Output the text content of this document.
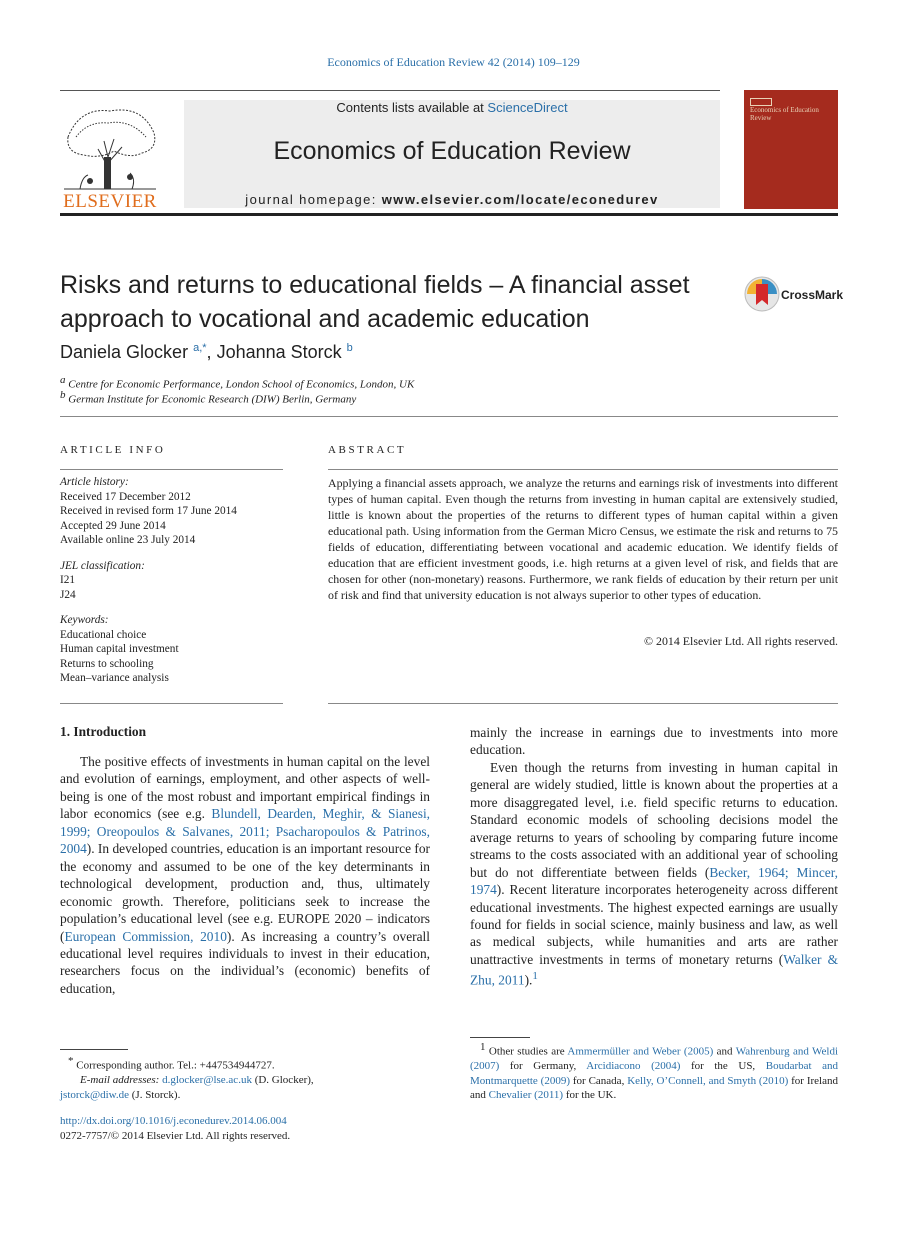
Economics of Education Review 42 (2014) 109–129
ELSEVIER
Contents lists available at ScienceDirect
Economics of Education Review
journal homepage: www.elsevier.com/locate/econedurev
Economics of Education Review
Risks and returns to educational fields – A financial asset approach to vocational and academic education
CrossMark
Daniela Glocker $^{a,*}$, Johanna Storck $^b$
$^a$ Centre for Economic Performance, London School of Economics, London, UK
$^b$ German Institute for Economic Research (DIW) Berlin, Germany
ARTICLE INFO	ABSTRACT
Article history:
Received 17 December 2012
Received in revised form 17 June 2014
Accepted 29 June 2014
Available online 23 July 2014
JEL classification:
I21
J24
Keywords:
Educational choice
Human capital investment
Returns to schooling
Mean–variance analysis
Applying a financial assets approach, we analyze the returns and earnings risk of investments into different types of human capital. Even though the returns from investing in human capital are extensively studied, little is known about the properties of the returns to different types of human capital within a given educational path. Using information from the German Micro Census, we estimate the risk and returns to 75 fields of education, differentiating between vocational and academic education. We identify fields of education that are efficient investment goods, i.e. high returns at a given level of risk, and fields that are chosen for other (non-monetary) reasons. Furthermore, we rank fields of education by their return per unit of risk and find that university education is not always superior to other types of education.
© 2014 Elsevier Ltd. All rights reserved.
1. Introduction

The positive effects of investments in human capital on the level and evolution of earnings, employment, and other aspects of well-being is one of the most robust and important empirical findings in labor economics (see e.g. Blundell, Dearden, Meghir, & Sianesi, 1999; Oreopoulos & Salvanes, 2011; Psacharopoulos & Patrinos, 2004). In developed countries, education is an important resource for the economy and assumed to be one of the key determinants in technological development, production and, thus, ultimately economic growth. Therefore, politicians seek to increase the population’s educational level (see e.g. EUROPE 2020 – indicators (European Commission, 2010). As increasing a country’s overall educational level requires individuals to invest in their education, researchers focus on the individual’s (economic) benefits of education,

mainly the increase in earnings due to investments into more education.

Even though the returns from investing in human capital in general are widely studied, little is known about the properties at a more disaggregated level, i.e. field specific returns to education. Standard economic models of schooling decisions model the average returns to years of schooling by comparing future income streams to the costs associated with an additional year of schooling but do not differentiate between fields (Becker, 1964; Mincer, 1974). Recent literature incorporates heterogeneity across different educational investments. The highest expected earnings are usually found for fields in social science, mainly business and law, as well as medical subjects, while humanities and arts are rather unattractive investments in terms of monetary returns (Walker & Zhu, 2011).$^1$

* Corresponding author. Tel.: +447534944727.
E-mail addresses: d.glocker@lse.ac.uk (D. Glocker),
jstorck@diw.de (J. Storck).
http://dx.doi.org/10.1016/j.econedurev.2014.06.004
0272-7757/© 2014 Elsevier Ltd. All rights reserved.
$^1$ Other studies are Ammermüller and Weber (2005) and Wahrenburg and Weldi (2007) for Germany, Arcidiacono (2004) for the US, Boudarbat and Montmarquette (2009) for Canada, Kelly, O’Connell, and Smyth (2010) for Ireland and Chevalier (2011) for the UK.
